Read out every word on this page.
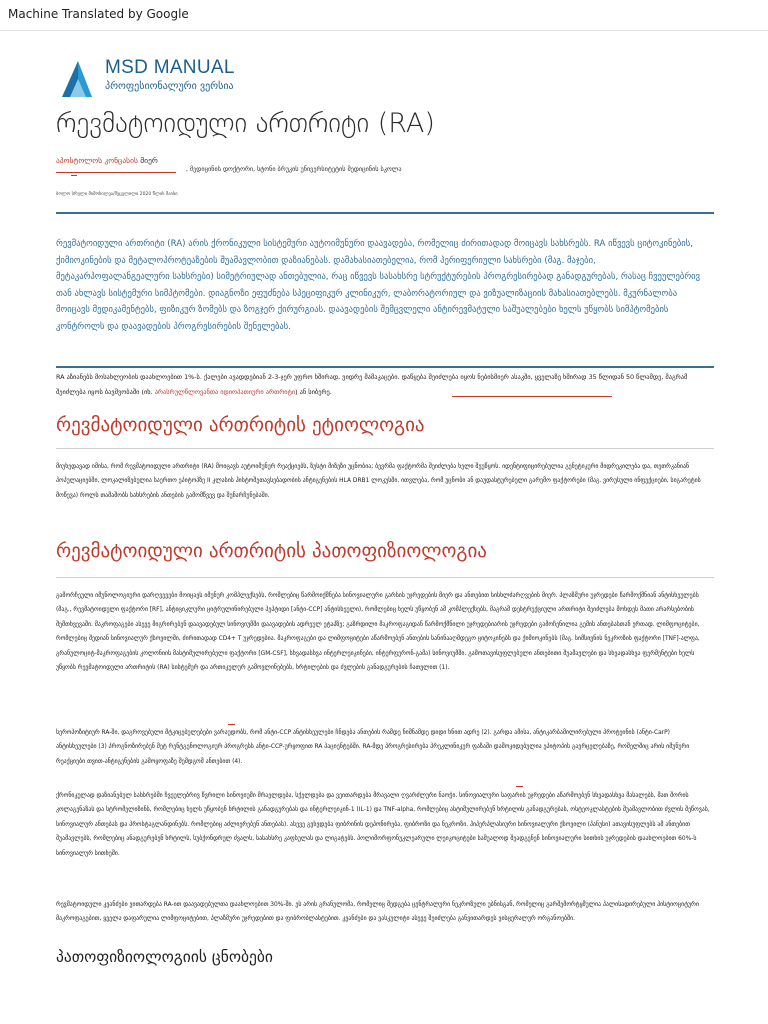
Machine Translated by Google
MSD MANUAL
პროფესიონალური ვერსია
რევმატოიდული ართრიტი (RA)
აპოსტოლოს კონცასის მიერ
, მედიცინის დოქტორი, სტონი ბრუკის უნივერსიტეტის მედიცინის სკოლა
ბოლო სრული მიმოხილვა/შეცვლილი 2020 წლის მაისი

რევმატოიდული ართრიტი (RA) არის ქრონიკული სისტემური აუტოიმუნური დაავადება, რომელიც ძირითადად მოიცავს სახსრებს. RA იწვევს ციტოკინების, ქიმიოკინების და მეტალოპროტეაზების შუამავლობით დაზიანებას. დამახასიათებელია, რომ პერიფერიული სახსრები (მაგ. მაჯები, მეტაკარპოფალანგეალური სახსრები) სიმეტრიულად ანთებულია, რაც იწვევს სასახსრე სტრუქტურების პროგრესირებად განადგურებას, რასაც ჩვეულებრივ თან ახლავს სისტემური სიმპტომები. დიაგნოზი ეფუძნება სპეციფიკურ კლინიკურ, ლაბორატორიულ და ვიზუალიზაციის მახასიათებლებს. მკურნალობა მოიცავს მედიკამენტებს, ფიზიკურ ზომებს და ზოგჯერ ქირურგიას. დაავადების შემცვლელი ანტირევმატული საშუალებები ხელს უწყობს სიმპტომების კონტროლს და დაავადების პროგრესირების შენელებას.

RA აზიანებს მოსახლეობის დაახლოებით 1%-ს. ქალები ავადდებიან 2-3-ჯერ უფრო ხშირად, ვიდრე მამაკაცები. დაწყება შეიძლება იყოს ნებისმიერ ასაკში, ყველაზე ხშირად 35 წლიდან 50 წლამდე, მაგრამ შეიძლება იყოს ბავშვობაში (იხ. არასრულწლოვანთა იდიოპათიური ართრიტი) ან სიბერე.

რევმატოიდული ართრიტის ეტიოლოგია

მიუხედავად იმისა, რომ რევმატოიდული ართრიტი (RA) მოიცავს აუტოიმუნურ რეაქციებს, ზუსტი მიზეზი უცნობია; ბევრმა ფაქტორმა შეიძლება ხელი შეუწყოს. იდენტიფიცირებულია გენეტიკური მიდრეკილება და, თეთრკანიან პოპულაციებში, ლოკალიზებულია საერთო ეპიტოპზე II კლასის ჰისტოშეთავსებადობის ანტიგენების HLA DRB1 ლოკუსში. ითვლება, რომ უცნობი ან დაუდასტურებელი გარემო ფაქტორები (მაგ. ვირუსული ინფექციები, სიგარეტის მოწევა) როლს თამაშობს სახსრების ანთების გამომწვევ და შენარჩუნებაში.

რევმატოიდული ართრიტის პათოფიზიოლოგია

გამორჩეული იმუნოლოგიური დარღვევები მოიცავს იმუნურ კომპლექსებს, რომლებიც წარმოიქმნება სინოვიალური გარსის უჯრედების მიერ და ანთებით სისხლძარღვების მიერ. პლაზმური უჯრედები წარმოქმნიან ანტისხეულებს (მაგ., რევმატოიდული ფაქტორი [RF], ანტიციკლური ციტრულინირებული პეპტიდი [ანტი-CCP] ანტისხეული), რომლებიც ხელს უწყობენ ამ კომპლექსებს, მაგრამ დესტრუქციული ართრიტი შეიძლება მოხდეს მათი არარსებობის შემთხვევაში. მაკროფაგები ასევე მიგრირებენ დაავადებულ სინოვიუმში დაავადების ადრეულ ეტაპზე; გაზრდილი მაკროფაგიდან წარმოქმნილი უჯრედებიარის უჯრედები გამოჩენილია გემის ანთებასთან ერთად. ლიმფოციტები, რომლებიც შედიან სინოვიალურ ქსოვილში, ძირითადად CD4+ T უჯრედებია. მაკროფაგები და ლიმფოციტები აწარმოებენ ანთების სანინააღმდეგო ციტოკინებს და ქიმიოკინებს (მაგ. სიმსივნის ნეკროზის ფაქტორი [TNF]-ალფა, გრანულოციტ-მაკროფაგების კოლონიის მასტიმულირებელი ფაქტორი [GM-CSF], სხვადასხვა ინტერლეიკინები, ინტერფერონ-გამა) სინოვიუმში. გამოთავისუფლებული ანთებითი შუამავლები და სხვადასხვა ფერმენტები ხელს უწყობს რევმატოიდული ართრიტის (RA) სისტემურ და ართიკულურ გამოვლინებებს, ხრტილების და ძვლების განადგურების ჩათვლით (1).

სეროპოზიტიურ RA-ში, დაგროვებული მტკიცებულებები ვარაუდობს, რომ ანტი-CCP ანტისხეულები ჩნდება ანთების რამდე ნიშნამდე დიდი ხნით ადრე (2). გარდა ამისა, ანტიკარბამილირებული პროტეინის (ანტი-CarP) ანტისხეულები (3) პროგნოზირებენ მეტ რენტგენოლოგიურ პროგრესს ანტი-CCP-ურყოფით RA პაციენტებში. RA-მდე პროგრესირება პრეკლინიკურ ფაზაში დამოკიდებულია ეპიტოპის გავრცელებაზე, რომელშიც არის იმუნური რეაქციები თვით-ანტიგენების გამოყოფაზე შემდგომ ანთებით (4).

ქრონიკულად დაზიანებულ სახსრებში ჩვეულებრივ წვრილი სინოვიუმი მრავლდება, სქელდება და ვეითარდება მრავალი ღვარძლური ნაოჭი. სინოვიალური საფარის უჯრედები აწარმოებენ სხვადასხვა მასალებს, მათ შორის კოლაგენაზას და სტრომელიზინს, რომლებიც ხელს უწყობენ ხრტილის განადგურებას და ინტერლეიკინ-1 (IL-1) და TNF-alpha, რომლებიც ასტიმულირებენ ხრტილის განადგურებას, ოსტეოკლასტების შუამავლობით ძვლის შეწოვას, სინოვიალურ ანთებას და პროსტაგლანდინებს. რომლებიც აძლიერებენ ანთებას). ასევე გვხვდება ფიბრინის დეპონირება, ფიბროზი და ნეკროზი. ჰიპერპლასიური სინოვიალური ქსოვილი (პანუსი) ათავისუფლებს ამ ანთებით შუამავლებს, რომლებიც ანადგურებენ ხრტილს, სუბქონდრულ ძვალს, სასახსრე კაფსულას და ლიგატებს. პოლიმორფონუკლეარული ლეიკოციტები საშუალოდ შეადგენენ სინოვიალური სითხის უჯრედების დაახლოებით 60%-ს სინოვიალურ სითხეში.

რევმატოიდული კვანძები ვითარდება RA-ით დაავადებულთა დაახლოებით 30%-ში. ეს არის გრანულომა, რომელიც შედგება ცენტრალური ნეკროზული უბნისგან, რომელიც გარშემორტყმულია პალისადირებული ჰისტიოციტური მაკროფაგებით, ყველა დაფარულია ლიმფოციტებით, პლაზმური უჯრედებით და ფიბრობლასტებით. კვანძები და ვასკულიტი ასევე შეიძლება განვითარდეს ვისცერალურ ორგანოებში.

პათოფიზიოლოგიის ცნობები
